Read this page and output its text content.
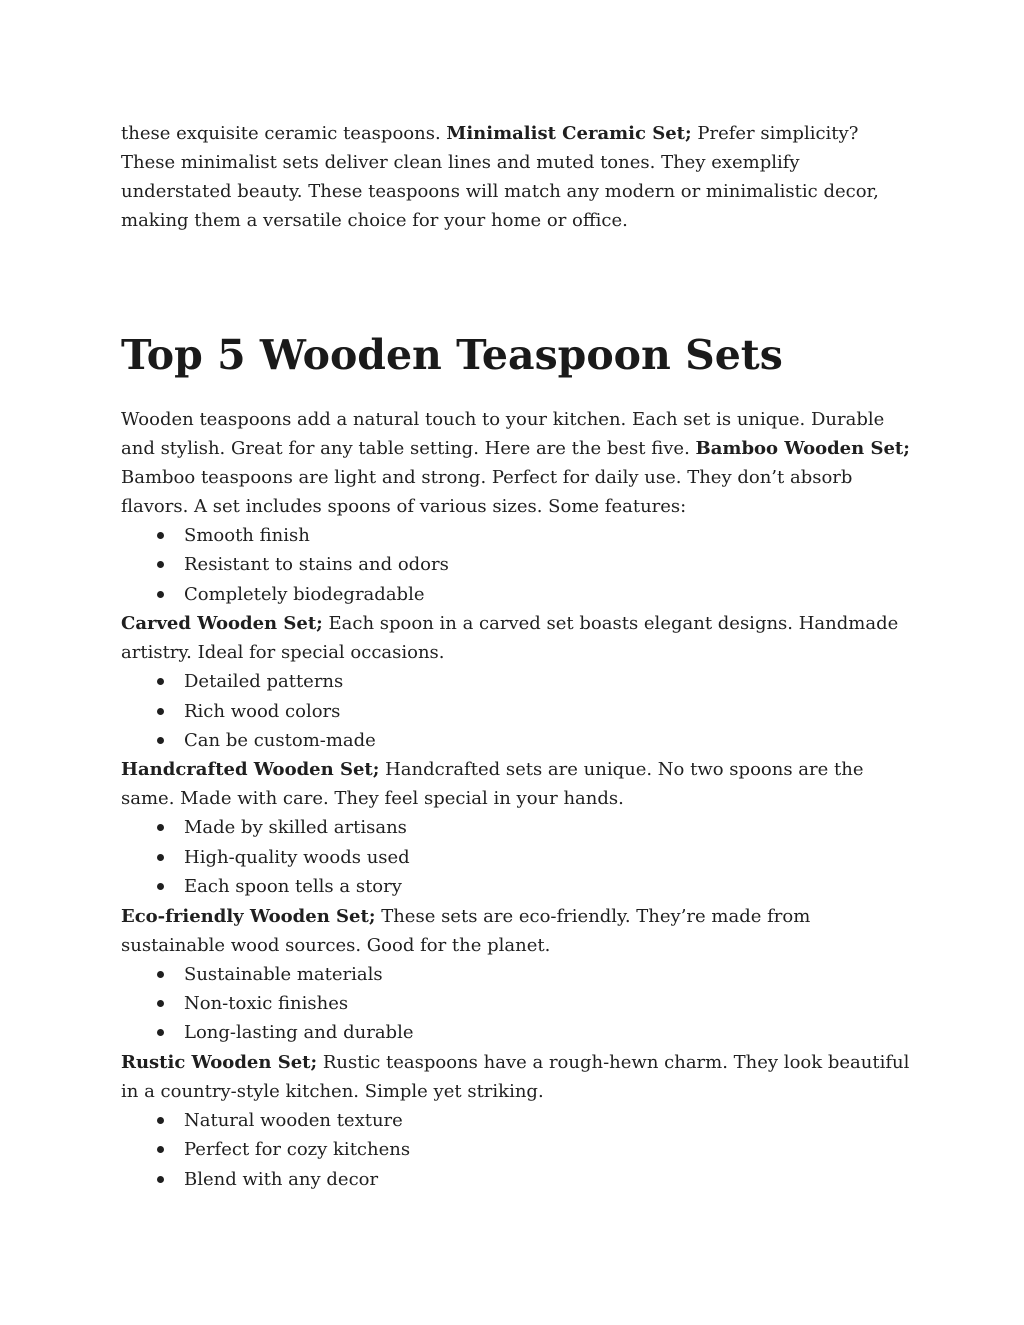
these exquisite ceramic teaspoons. Minimalist Ceramic Set; Prefer simplicity? These minimalist sets deliver clean lines and muted tones. They exemplify understated beauty. These teaspoons will match any modern or minimalistic decor, making them a versatile choice for your home or office.

Top 5 Wooden Teaspoon Sets

Wooden teaspoons add a natural touch to your kitchen. Each set is unique. Durable and stylish. Great for any table setting. Here are the best five. Bamboo Wooden Set; Bamboo teaspoons are light and strong. Perfect for daily use. They don’t absorb flavors. A set includes spoons of various sizes. Some features:

Smooth finish
Resistant to stains and odors
Completely biodegradable

Carved Wooden Set; Each spoon in a carved set boasts elegant designs. Handmade artistry. Ideal for special occasions.

Detailed patterns
Rich wood colors
Can be custom-made

Handcrafted Wooden Set; Handcrafted sets are unique. No two spoons are the same. Made with care. They feel special in your hands.

Made by skilled artisans
High-quality woods used
Each spoon tells a story

Eco-friendly Wooden Set; These sets are eco-friendly. They’re made from sustainable wood sources. Good for the planet.

Sustainable materials
Non-toxic finishes
Long-lasting and durable

Rustic Wooden Set; Rustic teaspoons have a rough-hewn charm. They look beautiful in a country-style kitchen. Simple yet striking.

Natural wooden texture
Perfect for cozy kitchens
Blend with any decor
